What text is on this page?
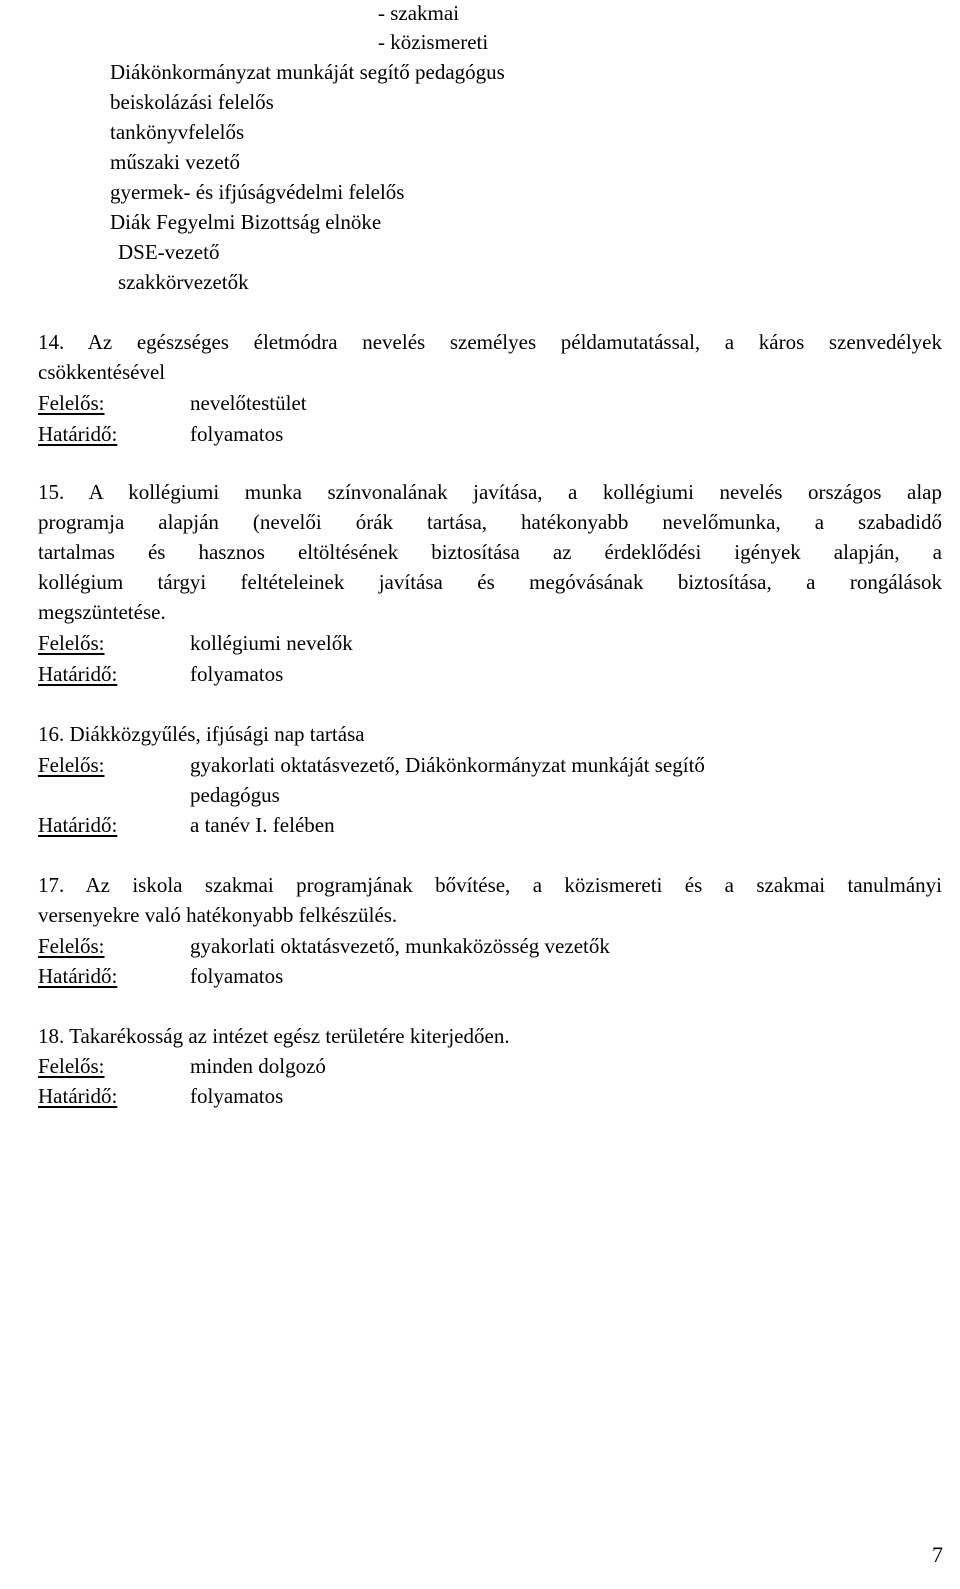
- szakmai
- közismereti
Diákönkormányzat munkáját segítő pedagógus
beiskolázási felelős
tankönyvfelelős
műszaki vezető
gyermek- és ifjúságvédelmi felelős
Diák Fegyelmi Bizottság elnöke
DSE-vezető
szakkörvezetők
14. Az egészséges életmódra nevelés személyes példamutatással, a káros szenvedélyek
csökkentésével
Felelős:	nevelőtestület
Határidő:	folyamatos
15. A kollégiumi munka színvonalának javítása, a kollégiumi nevelés országos alap
programja alapján (nevelői órák tartása, hatékonyabb nevelőmunka, a szabadidő
tartalmas és hasznos eltöltésének biztosítása az érdeklődési igények alapján, a
kollégium tárgyi feltételeinek javítása és megóvásának biztosítása, a rongálások
megszüntetése.
Felelős:	kollégiumi nevelők
Határidő:	folyamatos
16. Diákközgyűlés, ifjúsági nap tartása
Felelős:	gyakorlati oktatásvezető, Diákönkormányzat munkáját segítő
pedagógus
Határidő:	a tanév I. felében
17. Az iskola szakmai programjának bővítése, a közismereti és a szakmai tanulmányi
versenyekre való hatékonyabb felkészülés.
Felelős:	gyakorlati oktatásvezető, munkaközösség vezetők
Határidő:	folyamatos
18. Takarékosság az intézet egész területére kiterjedően.
Felelős:	minden dolgozó
Határidő:	folyamatos
7
